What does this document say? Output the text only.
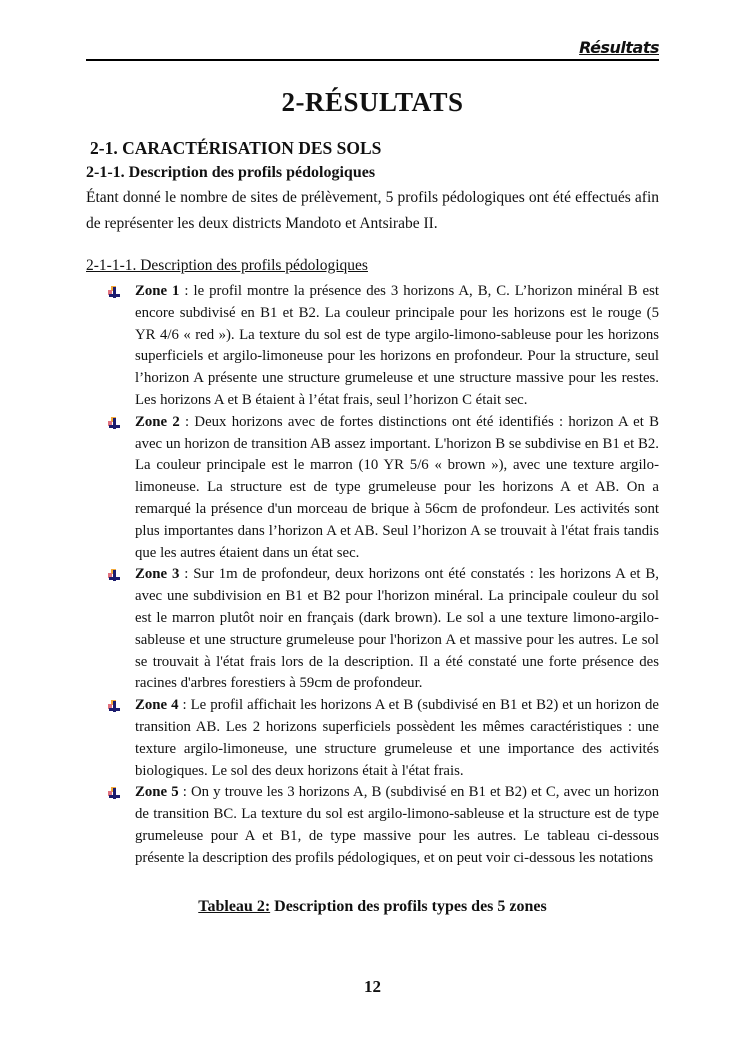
Résultats
2-RÉSULTATS
2-1. CARACTÉRISATION DES SOLS
2-1-1. Description des profils pédologiques

Étant donné le nombre de sites de prélèvement, 5 profils pédologiques ont été effectués afin de représenter les deux districts Mandoto et Antsirabe II.

2-1-1-1. Description des profils pédologiques
Zone 1 : le profil montre la présence des 3 horizons A, B, C. L’horizon minéral B est encore subdivisé en B1 et B2. La couleur principale pour les horizons est le rouge (5 YR 4/6 « red »). La texture du sol est de type argilo-limono-sableuse pour les horizons superficiels et argilo-limoneuse pour les horizons en profondeur. Pour la structure, seul l’horizon A présente une structure grumeleuse et une structure massive pour les restes. Les horizons A et B étaient à l’état frais, seul l’horizon C était sec.
Zone 2 : Deux horizons avec de fortes distinctions ont été identifiés : horizon A et B avec un horizon de transition AB assez important. L'horizon B se subdivise en B1 et B2. La couleur principale est le marron (10 YR 5/6 « brown »), avec une texture argilo-limoneuse. La structure est de type grumeleuse pour les horizons A et AB. On a remarqué la présence d'un morceau de brique à 56cm de profondeur. Les activités sont plus importantes dans l’horizon A et AB. Seul l’horizon A se trouvait à l'état frais tandis que les autres étaient dans un état sec.
Zone 3 : Sur 1m de profondeur, deux horizons ont été constatés : les horizons A et B, avec une subdivision en B1 et B2 pour l'horizon minéral. La principale couleur du sol est le marron plutôt noir en français (dark brown). Le sol a une texture limono-argilo-sableuse et une structure grumeleuse pour l'horizon A et massive pour les autres. Le sol se trouvait à l'état frais lors de la description. Il a été constaté une forte présence des racines d'arbres forestiers à 59cm de profondeur.
Zone 4 : Le profil affichait les horizons A et B (subdivisé en B1 et B2) et un horizon de transition AB. Les 2 horizons superficiels possèdent les mêmes caractéristiques : une texture argilo-limoneuse, une structure grumeleuse et une importance des activités biologiques. Le sol des deux horizons était à l'état frais.
Zone 5 : On y trouve les 3 horizons A, B (subdivisé en B1 et B2) et C, avec un horizon de transition BC. La texture du sol est argilo-limono-sableuse et la structure est de type grumeleuse pour A et B1, de type massive pour les autres. Le tableau ci-dessous présente la description des profils pédologiques, et on peut voir ci-dessous les notations

Tableau 2: Description des profils types des 5 zones

12
